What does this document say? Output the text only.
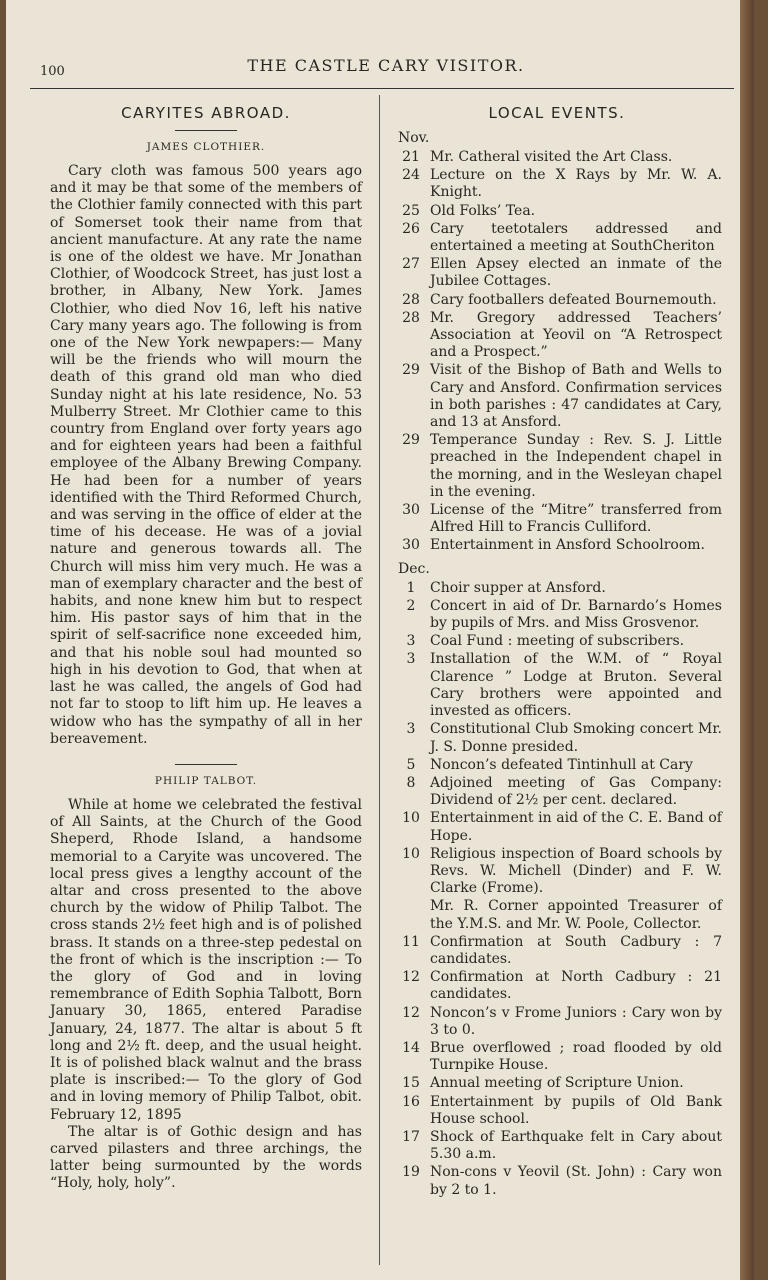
100	THE CASTLE CARY VISITOR.
CARYITES ABROAD.
JAMES CLOTHIER.

Cary cloth was famous 500 years ago and it may be that some of the members of the Clothier family connected with this part of Somerset took their name from that ancient manufacture. At any rate the name is one of the oldest we have. Mr Jonathan Clothier, of Woodcock Street, has just lost a brother, in Albany, New York. James Clothier, who died Nov 16, left his native Cary many years ago. The following is from one of the New York newpapers:— Many will be the friends who will mourn the death of this grand old man who died Sunday night at his late residence, No. 53 Mulberry Street. Mr Clothier came to this country from England over forty years ago and for eighteen years had been a faithful employee of the Albany Brewing Company. He had been for a number of years identified with the Third Reformed Church, and was serving in the office of elder at the time of his decease. He was of a jovial nature and generous towards all. The Church will miss him very much. He was a man of exemplary character and the best of habits, and none knew him but to respect him. His pastor says of him that in the spirit of self-sacrifice none exceeded him, and that his noble soul had mounted so high in his devotion to God, that when at last he was called, the angels of God had not far to stoop to lift him up. He leaves a widow who has the sympathy of all in her bereavement.

PHILIP TALBOT.

While at home we celebrated the festival of All Saints, at the Church of the Good Sheperd, Rhode Island, a handsome memorial to a Caryite was uncovered. The local press gives a lengthy account of the altar and cross presented to the above church by the widow of Philip Talbot. The cross stands 2½ feet high and is of polished brass. It stands on a three-step pedestal on the front of which is the inscription :— To the glory of God and in loving remembrance of Edith Sophia Talbott, Born January 30, 1865, entered Paradise January, 24, 1877. The altar is about 5 ft long and 2½ ft. deep, and the usual height. It is of polished black walnut and the brass plate is inscribed:— To the glory of God and in loving memory of Philip Talbot, obit. February 12, 1895

The altar is of Gothic design and has carved pilasters and three archings, the latter being surmounted by the words “Holy, holy, holy”.

LOCAL EVENTS.
Nov.
21 Mr. Catheral visited the Art Class.
24 Lecture on the X Rays by Mr. W. A. Knight.
25 Old Folks’ Tea.
26 Cary teetotalers addressed and entertained a meeting at SouthCheriton
27 Ellen Apsey elected an inmate of the Jubilee Cottages.
28 Cary footballers defeated Bournemouth.
28 Mr. Gregory addressed Teachers’ Association at Yeovil on “A Retrospect and a Prospect.”
29 Visit of the Bishop of Bath and Wells to Cary and Ansford. Confirmation services in both parishes : 47 candidates at Cary, and 13 at Ansford.
29 Temperance Sunday : Rev. S. J. Little preached in the Independent chapel in the morning, and in the Wesleyan chapel in the evening.
30 License of the “Mitre” transferred from Alfred Hill to Francis Culliford.
30 Entertainment in Ansford Schoolroom.
Dec.
1	Choir supper at Ansford.
2	Concert in aid of Dr. Barnardo’s Homes by pupils of Mrs. and Miss Grosvenor.
3	Coal Fund : meeting of subscribers.
3	Installation of the W.M. of “ Royal Clarence ” Lodge at Bruton. Several Cary brothers were appointed and invested as officers.
3	Constitutional Club Smoking concert Mr. J. S. Donne presided.
5	Noncon’s defeated Tintinhull at Cary
8	Adjoined meeting of Gas Company: Dividend of 2½ per cent. declared.
10 Entertainment in aid of the C. E. Band of Hope.
10 Religious inspection of Board schools by Revs. W. Michell (Dinder) and F. W. Clarke (Frome).
Mr. R. Corner appointed Treasurer of the Y.M.S. and Mr. W. Poole, Collector.
11 Confirmation at South Cadbury : 7 candidates.
12 Confirmation at North Cadbury : 21 candidates.
12 Noncon’s v Frome Juniors : Cary won by 3 to 0.
14 Brue overflowed ; road flooded by old Turnpike House.
15 Annual meeting of Scripture Union.
16 Entertainment by pupils of Old Bank House school.
17 Shock of Earthquake felt in Cary about 5.30 a.m.
19 Non-cons v Yeovil (St. John) : Cary won by 2 to 1.
